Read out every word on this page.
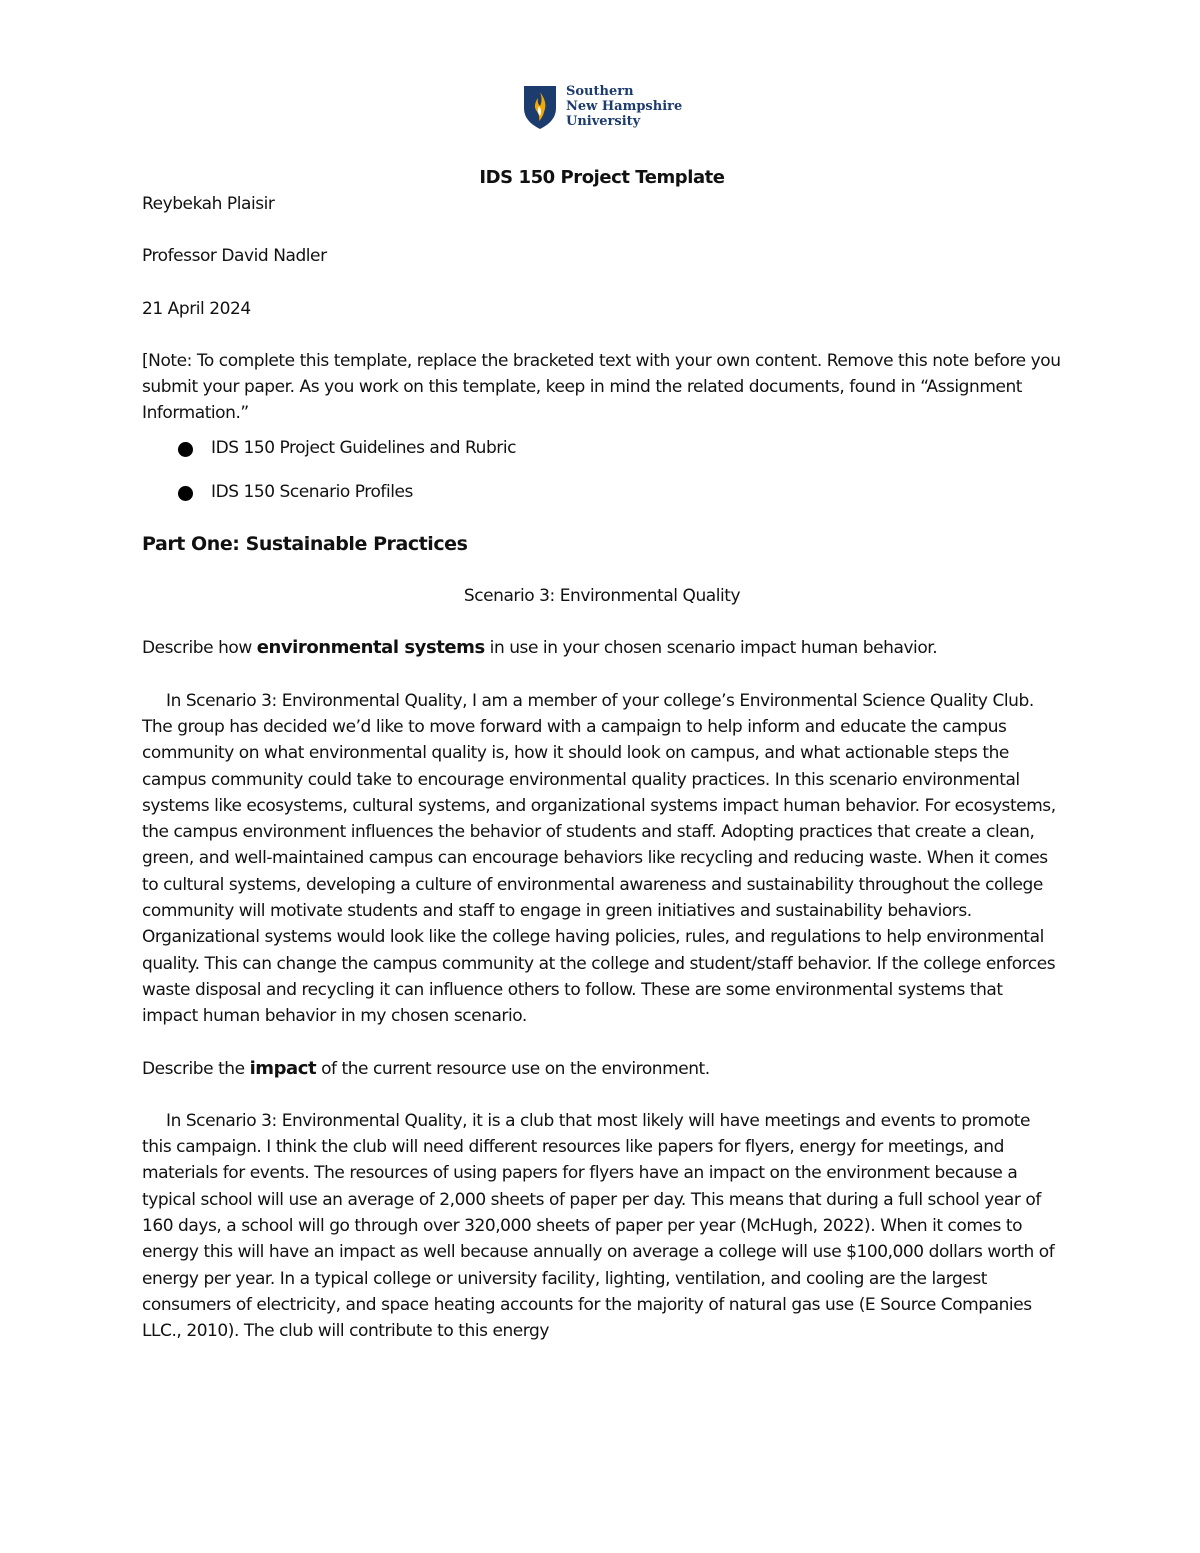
Southern
New Hampshire
University

IDS 150 Project Template

Reybekah Plaisir

Professor David Nadler

21 April 2024

[Note: To complete this template, replace the bracketed text with your own content. Remove this note before you submit your paper. As you work on this template, keep in mind the related documents, found in “Assignment Information.”

IDS 150 Project Guidelines and Rubric
IDS 150 Scenario Profiles

Part One: Sustainable Practices

Scenario 3: Environmental Quality

Describe how environmental systems in use in your chosen scenario impact human behavior.

In Scenario 3: Environmental Quality, I am a member of your college’s Environmental Science Quality Club. The group has decided we’d like to move forward with a campaign to help inform and educate the campus community on what environmental quality is, how it should look on campus, and what actionable steps the campus community could take to encourage environmental quality practices. In this scenario environmental systems like ecosystems, cultural systems, and organizational systems impact human behavior. For ecosystems, the campus environment influences the behavior of students and staff. Adopting practices that create a clean, green, and well-maintained campus can encourage behaviors like recycling and reducing waste. When it comes to cultural systems, developing a culture of environmental awareness and sustainability throughout the college community will motivate students and staff to engage in green initiatives and sustainability behaviors. Organizational systems would look like the college having policies, rules, and regulations to help environmental quality. This can change the campus community at the college and student/staff behavior. If the college enforces waste disposal and recycling it can influence others to follow. These are some environmental systems that impact human behavior in my chosen scenario.

Describe the impact of the current resource use on the environment.

In Scenario 3: Environmental Quality, it is a club that most likely will have meetings and events to promote this campaign. I think the club will need different resources like papers for flyers, energy for meetings, and materials for events. The resources of using papers for flyers have an impact on the environment because a typical school will use an average of 2,000 sheets of paper per day. This means that during a full school year of 160 days, a school will go through over 320,000 sheets of paper per year (McHugh, 2022). When it comes to energy this will have an impact as well because annually on average a college will use $100,000 dollars worth of energy per year. In a typical college or university facility, lighting, ventilation, and cooling are the largest consumers of electricity, and space heating accounts for the majority of natural gas use (E Source Companies LLC., 2010). The club will contribute to this energy
